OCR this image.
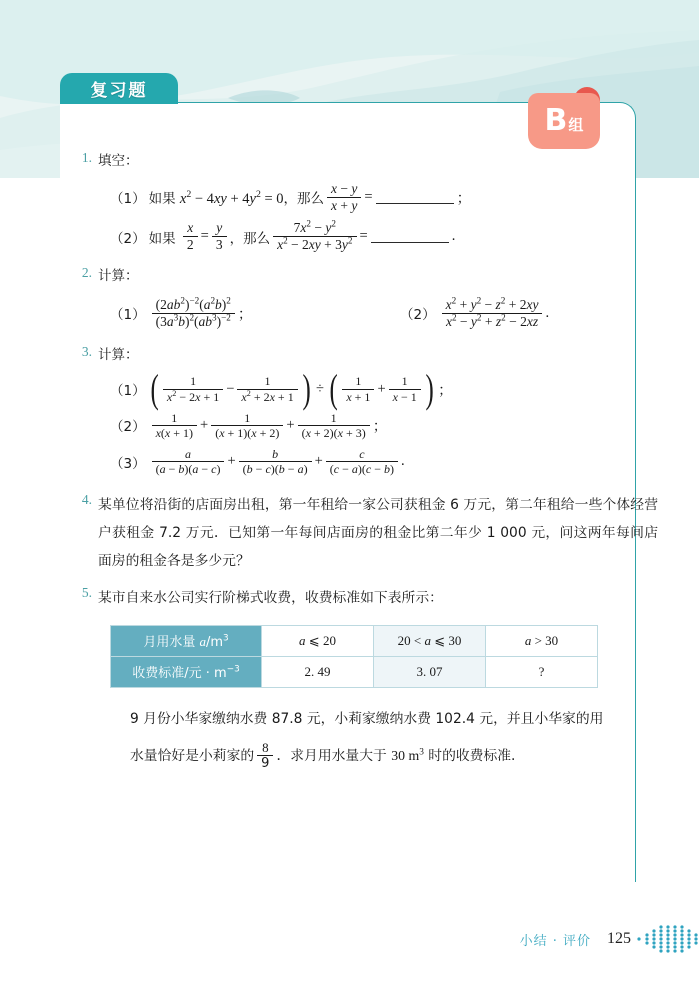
复习题
B 组
1. 填空：
（1） 如果 $x^2 - 4xy + 4y^2 = 0$，那么 $\frac{x - y}{x + y}$ =	；
（2） 如果 $\frac{x}{2} = \frac{y}{3}$ ，那么 $\frac{7x^2 - y^2}{x^2 - 2xy + 3y^2}$ =	.
2. 计算：
$(1) \frac{(2ab^2)^{-2}(a^2b)^2}{(3a^3b)^2(ab^3)^{-2}}$ ；	$(2) \frac{x^2 + y^2 - z^2 + 2xy}{x^2 - y^2 + z^2 - 2xz}$ .
3. 计算：
（1） ( $\frac{1}{x^2 - 2x + 1} - \frac{1}{x^2 + 2x + 1}$ ) ÷ ( $\frac{1}{x + 1} + \frac{1}{x - 1}$ ) ；
$(2) \frac{1}{x(x + 1)} + \frac{1}{(x + 1)(x + 2)} + \frac{1}{(x + 2)(x + 3)}$ ；
$(3) \frac{a}{(a - b)(a - c)} + \frac{b}{(b - c)(b - a)} + \frac{c}{(c - a)(c - b)}$ .
4. 某单位将沿街的店面房出租，第一年租给一家公司获租金 6 万元，第二年租给一些个体经营户获租金 7.2 万元．已知第一年每间店面房的租金比第二年少 1 000 元，问这两年每间店面房的租金各是多少元？
5. 某市自来水公司实行阶梯式收费，收费标准如下表所示：
月用水量 $a/m^3$	a ⩽ 20	20 < a ⩽ 30	a > 30
收费标准/元 · $m^{-3}$	2. 49	3. 07	?
9 月份小华家缴纳水费 87.8 元，小莉家缴纳水费 102.4 元，并且小华家的用
水量恰好是小莉家的 $\frac{8}{9}$ ．求月用水量大于 30 $m^3$ 时的收费标准.
小结 · 评价 125
